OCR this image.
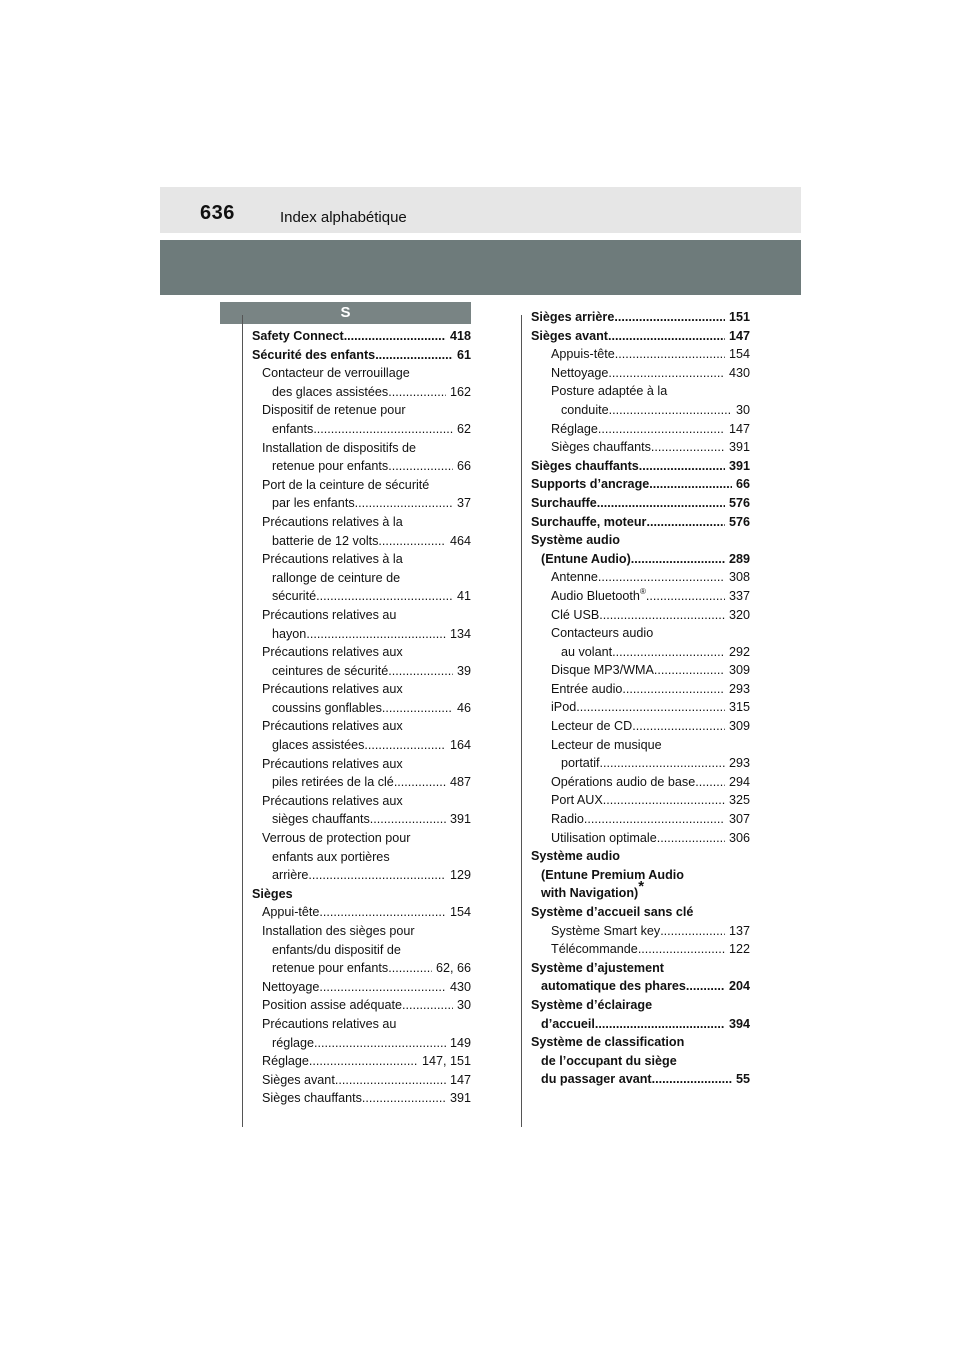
636	Index alphabétique
S
Safety Connect .....	418
Sécurité des enfants .....	61
Contacteur de verrouillage
des glaces assistées .....	162
Dispositif de retenue pour
enfants .....	62
Installation de dispositifs de
retenue pour enfants .....	66
Port de la ceinture de sécurité
par les enfants .....	37
Précautions relatives à la
batterie de 12 volts .....	464
Précautions relatives à la
rallonge de ceinture de
sécurité .....	41
Précautions relatives au
hayon .....	134
Précautions relatives aux
ceintures de sécurité .....	39
Précautions relatives aux
coussins gonflables .....	46
Précautions relatives aux
glaces assistées .....	164
Précautions relatives aux
piles retirées de la clé .....	487
Précautions relatives aux
sièges chauffants .....	391
Verrous de protection pour
enfants aux portières
arrière .....	129
Sièges
Appui-tête .....	154
Installation des sièges pour
enfants/du dispositif de
retenue pour enfants .....	62, 66
Nettoyage .....	430
Position assise adéquate .....	30
Précautions relatives au
réglage .....	149
Réglage .....	147, 151
Sièges avant .....	147
Sièges chauffants .....	391
Sièges arrière .....	151
Sièges avant .....	147
Appuis-tête .....	154
Nettoyage .....	430
Posture adaptée à la
conduite .....	30
Réglage .....	147
Sièges chauffants .....	391
Sièges chauffants .....	391
Supports d’ancrage .....	66
Surchauffe .....	576
Surchauffe, moteur .....	576
Système audio
(Entune Audio) .....	289
Antenne .....	308
Audio Bluetooth® .....	337
Clé USB .....	320
Contacteurs audio
au volant .....	292
Disque MP3/WMA .....	309
Entrée audio .....	293
iPod .....	315
Lecteur de CD .....	309
Lecteur de musique
portatif .....	293
Opérations audio de base ..... 294
Port AUX .....	325
Radio .....	307
Utilisation optimale .....	306
Système audio
(Entune Premium Audio
with Navigation)*
Système d’accueil sans clé
Système Smart key .....	137
Télécommande .....	122
Système d’ajustement
automatique des phares .....	204
Système d’éclairage
d’accueil .....	394
Système de classification
de l’occupant du siège
du passager avant .....	55
